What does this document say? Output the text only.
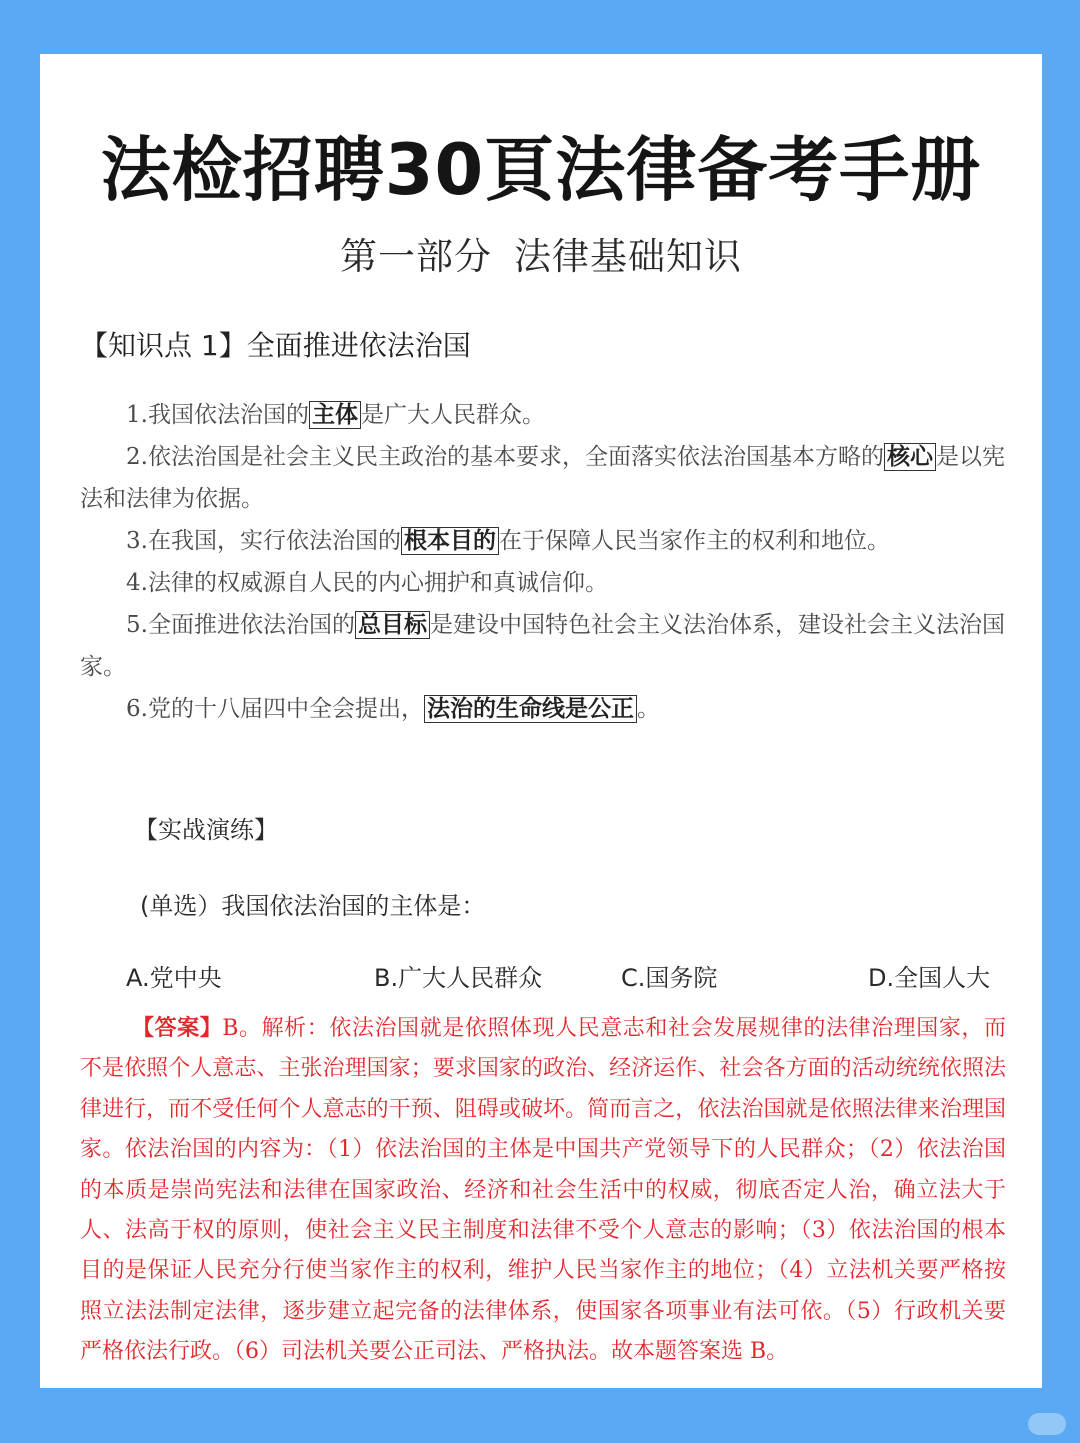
法检招聘30頁法律备考手册
第一部分 法律基础知识
【知识点 1】全面推进依法治国

1.我国依法治国的 主体 是广大人民群众。

2.依法治国是社会主义民主政治的基本要求，全面落实依法治国基本方略的 核心 是以宪法和法律为依据。

3.在我国，实行依法治国的 根本目的 在于保障人民当家作主的权利和地位。

4.法律的权威源自人民的内心拥护和真诚信仰。

5.全面推进依法治国的 总目标 是建设中国特色社会主义法治体系，建设社会主义法治国家。

6.党的十八届四中全会提出， 法治的生命线是公正 。

【实战演练】
(单选）我国依法治国的主体是：
A.党中央	B.广大人民群众	C.国务院	D.全国人大

【答案】B。解析：依法治国就是依照体现人民意志和社会发展规律的法律治理国家，而不是依照个人意志、主张治理国家；要求国家的政治、经济运作、社会各方面的活动统统依照法律进行，而不受任何个人意志的干预、阻碍或破坏。简而言之，依法治国就是依照法律来治理国家。依法治国的内容为：（1）依法治国的主体是中国共产党领导下的人民群众；（2）依法治国的本质是崇尚宪法和法律在国家政治、经济和社会生活中的权威，彻底否定人治，确立法大于人、法高于权的原则，使社会主义民主制度和法律不受个人意志的影响；（3）依法治国的根本目的是保证人民充分行使当家作主的权利，维护人民当家作主的地位；（4）立法机关要严格按照立法法制定法律，逐步建立起完备的法律体系，使国家各项事业有法可依。（5）行政机关要严格依法行政。（6）司法机关要公正司法、严格执法。故本题答案选 B。
